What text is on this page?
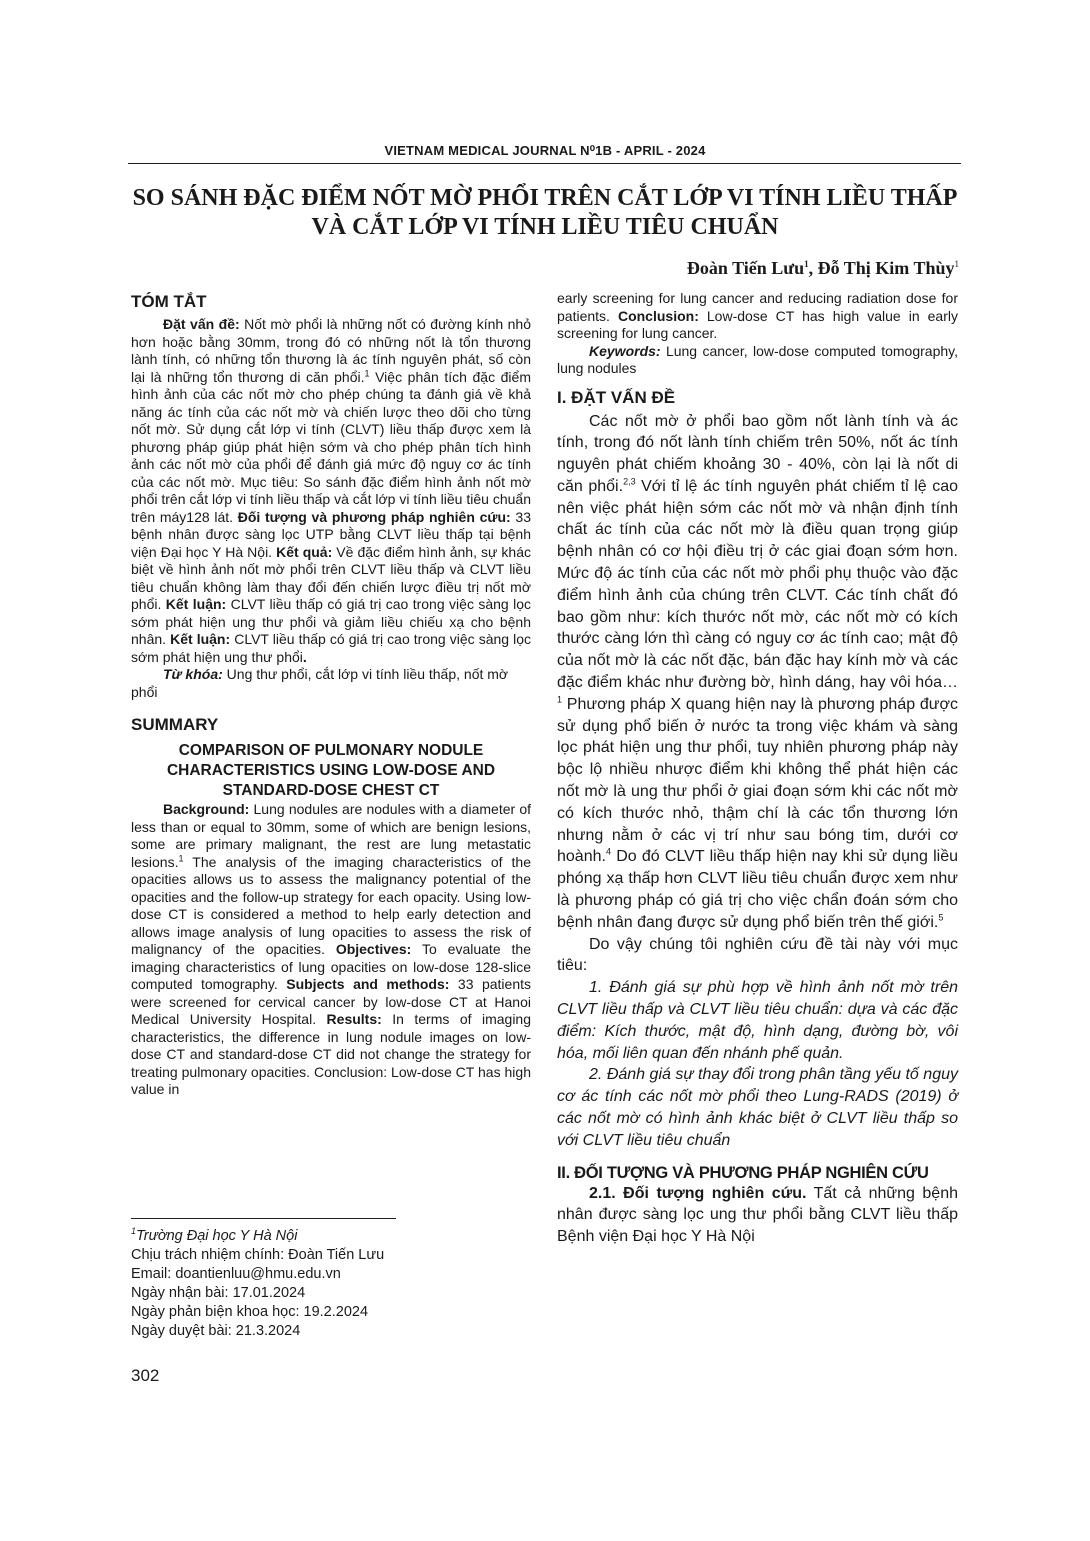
VIETNAM MEDICAL JOURNAL N⁰1B - APRIL - 2024
SO SÁNH ĐẶC ĐIỂM NỐT MỜ PHỔI TRÊN CẮT LỚP VI TÍNH LIỀU THẤP
VÀ CẮT LỚP VI TÍNH LIỀU TIÊU CHUẨN
Đoàn Tiến Lưu$^1$, Đỗ Thị Kim Thùy$^1$
TÓM TẮT

Đặt vấn đề: Nốt mờ phổi là những nốt có đường kính nhỏ hơn hoặc bằng 30mm, trong đó có những nốt là tổn thương lành tính, có những tổn thương là ác tính nguyên phát, số còn lại là những tổn thương di căn phổi.$^1$ Việc phân tích đặc điểm hình ảnh của các nốt mờ cho phép chúng ta đánh giá về khả năng ác tính của các nốt mờ và chiến lược theo dõi cho từng nốt mờ. Sử dụng cắt lớp vi tính (CLVT) liều thấp được xem là phương pháp giúp phát hiện sớm và cho phép phân tích hình ảnh các nốt mờ của phổi để đánh giá mức độ nguy cơ ác tính của các nốt mờ. Mục tiêu: So sánh đặc điểm hình ảnh nốt mờ phổi trên cắt lớp vi tính liều thấp và cắt lớp vi tính liều tiêu chuẩn trên máy128 lát. Đối tượng và phương pháp nghiên cứu: 33 bệnh nhân được sàng lọc UTP bằng CLVT liều thấp tại bệnh viện Đại học Y Hà Nội. Kết quả: Về đặc điểm hình ảnh, sự khác biệt về hình ảnh nốt mờ phổi trên CLVT liều thấp và CLVT liều tiêu chuẩn không làm thay đổi đến chiến lược điều trị nốt mờ phổi. Kết luận: CLVT liều thấp có giá trị cao trong việc sàng lọc sớm phát hiện ung thư phổi và giảm liều chiếu xạ cho bệnh nhân. Kết luận: CLVT liều thấp có giá trị cao trong việc sàng lọc sớm phát hiện ung thư phổi.

Từ khóa: Ung thư phổi, cắt lớp vi tính liều thấp, nốt mờ phổi

SUMMARY
COMPARISON OF PULMONARY NODULE CHARACTERISTICS USING LOW-DOSE AND STANDARD-DOSE CHEST CT

Background: Lung nodules are nodules with a diameter of less than or equal to 30mm, some of which are benign lesions, some are primary malignant, the rest are lung metastatic lesions.$^1$ The analysis of the imaging characteristics of the opacities allows us to assess the malignancy potential of the opacities and the follow-up strategy for each opacity. Using low-dose CT is considered a method to help early detection and allows image analysis of lung opacities to assess the risk of malignancy of the opacities. Objectives: To evaluate the imaging characteristics of lung opacities on low-dose 128-slice computed tomography. Subjects and methods: 33 patients were screened for cervical cancer by low-dose CT at Hanoi Medical University Hospital. Results: In terms of imaging characteristics, the difference in lung nodule images on low-dose CT and standard-dose CT did not change the strategy for treating pulmonary opacities. Conclusion: Low-dose CT has high value in

$^1$Trường Đại học Y Hà Nội
Chịu trách nhiệm chính: Đoàn Tiến Lưu
Email: doantienluu@hmu.edu.vn
Ngày nhận bài: 17.01.2024
Ngày phản biện khoa học: 19.2.2024
Ngày duyệt bài: 21.3.2024
302

early screening for lung cancer and reducing radiation dose for patients. Conclusion: Low-dose CT has high value in early screening for lung cancer.

Keywords: Lung cancer, low-dose computed tomography, lung nodules

I. ĐẶT VẤN ĐỀ

Các nốt mờ ở phổi bao gồm nốt lành tính và ác tính, trong đó nốt lành tính chiếm trên 50%, nốt ác tính nguyên phát chiếm khoảng 30 - 40%, còn lại là nốt di căn phổi.$^{2,3}$ Với tỉ lệ ác tính nguyên phát chiếm tỉ lệ cao nên việc phát hiện sớm các nốt mờ và nhận định tính chất ác tính của các nốt mờ là điều quan trọng giúp bệnh nhân có cơ hội điều trị ở các giai đoạn sớm hơn. Mức độ ác tính của các nốt mờ phổi phụ thuộc vào đặc điểm hình ảnh của chúng trên CLVT. Các tính chất đó bao gồm như: kích thước nốt mờ, các nốt mờ có kích thước càng lớn thì càng có nguy cơ ác tính cao; mật độ của nốt mờ là các nốt đặc, bán đặc hay kính mờ và các đặc điểm khác như đường bờ, hình dáng, hay vôi hóa…$^1$ Phương pháp X quang hiện nay là phương pháp được sử dụng phổ biến ở nước ta trong việc khám và sàng lọc phát hiện ung thư phổi, tuy nhiên phương pháp này bộc lộ nhiều nhược điểm khi không thể phát hiện các nốt mờ là ung thư phổi ở giai đoạn sớm khi các nốt mờ có kích thước nhỏ, thậm chí là các tổn thương lớn nhưng nằm ở các vị trí như sau bóng tim, dưới cơ hoành.$^4$ Do đó CLVT liều thấp hiện nay khi sử dụng liều phóng xạ thấp hơn CLVT liều tiêu chuẩn được xem như là phương pháp có giá trị cho việc chẩn đoán sớm cho bệnh nhân đang được sử dụng phổ biến trên thế giới.$^5$

Do vậy chúng tôi nghiên cứu đề tài này với mục tiêu:

1. Đánh giá sự phù hợp về hình ảnh nốt mờ trên CLVT liều thấp và CLVT liều tiêu chuẩn: dựa và các đặc điểm: Kích thước, mật độ, hình dạng, đường bờ, vôi hóa, mối liên quan đến nhánh phế quản.

2. Đánh giá sự thay đổi trong phân tầng yếu tố nguy cơ ác tính các nốt mờ phổi theo Lung-RADS (2019) ở các nốt mờ có hình ảnh khác biệt ở CLVT liều thấp so với CLVT liều tiêu chuẩn

II. ĐỐI TƯỢNG VÀ PHƯƠNG PHÁP NGHIÊN CỨU

2.1. Đối tượng nghiên cứu. Tất cả những bệnh nhân được sàng lọc ung thư phổi bằng CLVT liều thấp Bệnh viện Đại học Y Hà Nội
